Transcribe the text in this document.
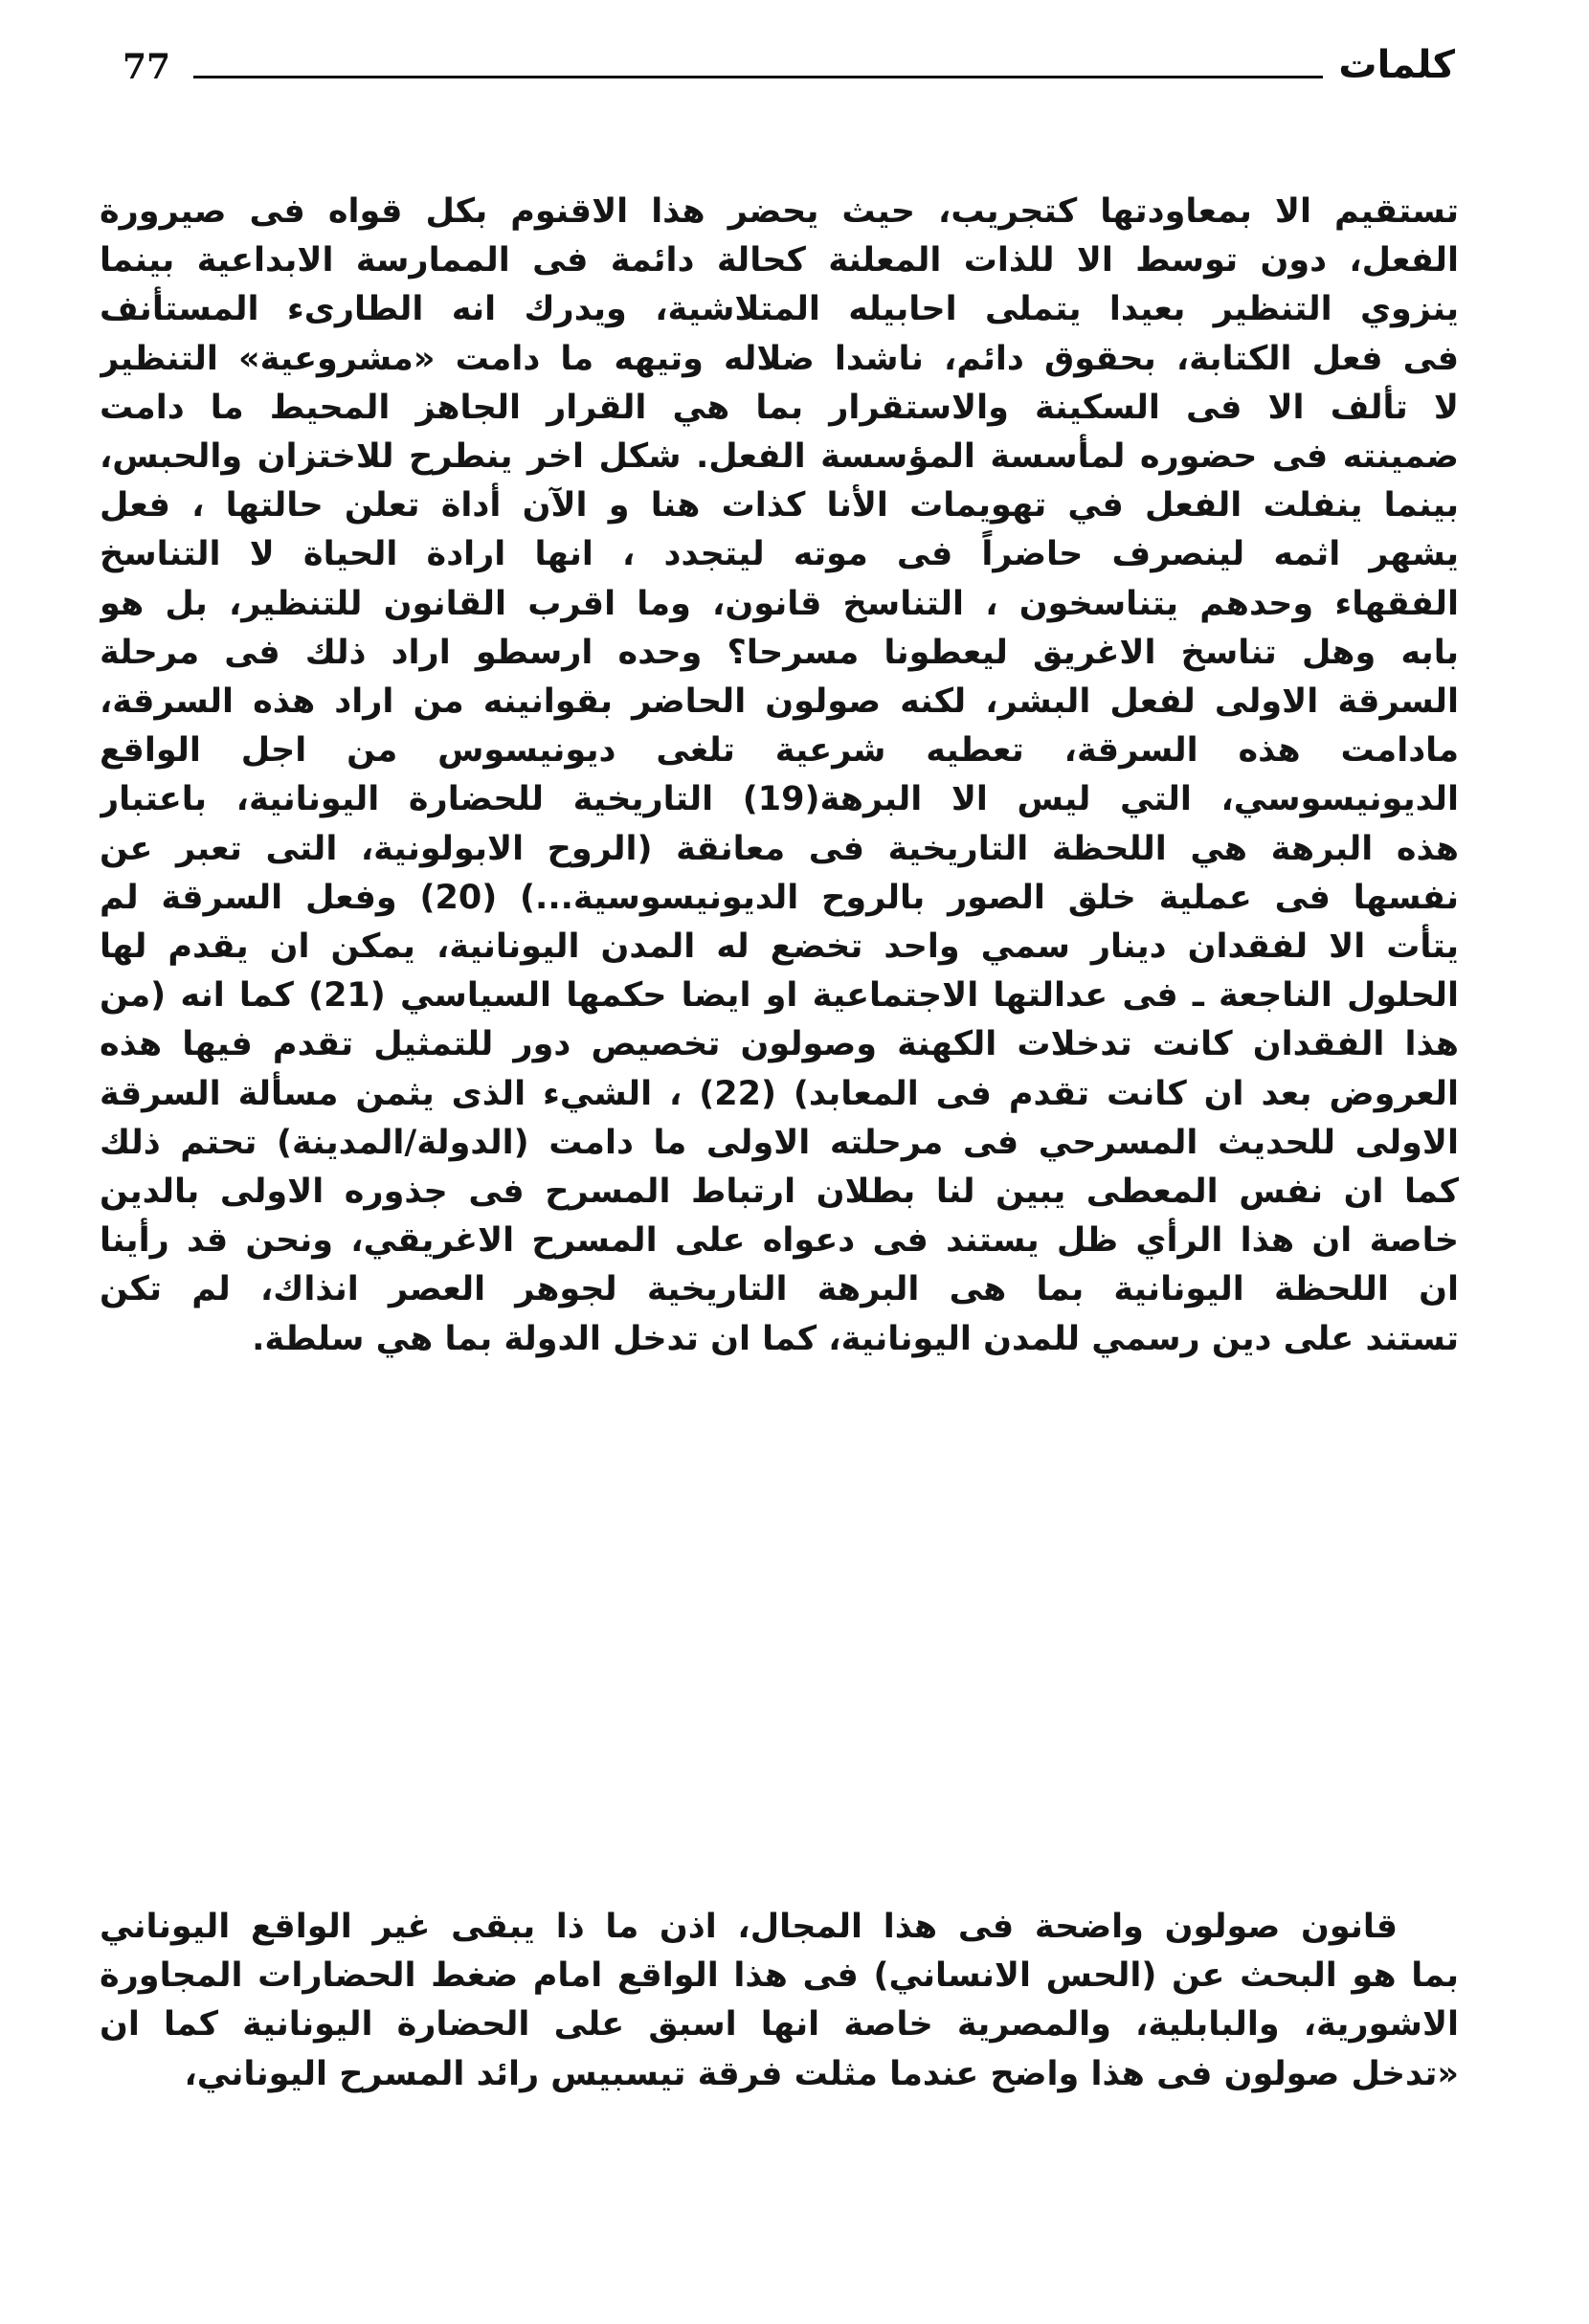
77	كلمات
تستقيم الا بمعاودتها كتجريب، حيث يحضر هذا الاقنوم بكل قواه فى صيرورة
الفعل، دون توسط الا للذات المعلنة كحالة دائمة فى الممارسة الابداعية بينما
ينزوي التنظير بعيدا يتملى احابيله المتلاشية، ويدرك انه الطارىء المستأنف
فى فعل الكتابة، بحقوق دائم، ناشدا ضلاله وتيهه ما دامت «مشروعية» التنظير
لا تألف الا فى السكينة والاستقرار بما هي القرار الجاهز المحيط ما دامت
ضمينته فى حضوره لمأسسة المؤسسة الفعل. شكل اخر ينطرح للاختزان والحبس،
بينما ينفلت الفعل في تهويمات الأنا كذات هنا و الآن أداة تعلن حالتها ، فعل
يشهر اثمه لينصرف حاضراً فى موته ليتجدد ، انها ارادة الحياة لا التناسخ
الفقهاء وحدهم يتناسخون ، التناسخ قانون، وما اقرب القانون للتنظير، بل هو
بابه وهل تناسخ الاغريق ليعطونا مسرحا؟ وحده ارسطو اراد ذلك فى مرحلة
السرقة الاولى لفعل البشر، لكنه صولون الحاضر بقوانينه من اراد هذه السرقة،
مادامت هذه السرقة، تعطيه شرعية تلغى ديونيسوس من اجل الواقع
الديونيسوسي، التي ليس الا البرهة(19) التاريخية للحضارة اليونانية، باعتبار
هذه البرهة هي اللحظة التاريخية فى معانقة (الروح الابولونية، التى تعبر عن
نفسها فى عملية خلق الصور بالروح الديونيسوسية...) (20) وفعل السرقة لم
يتأت الا لفقدان دينار سمي واحد تخضع له المدن اليونانية، يمكن ان يقدم لها
الحلول الناجعة ـ فى عدالتها الاجتماعية او ايضا حكمها السياسي (21) كما انه (من
هذا الفقدان كانت تدخلات الكهنة وصولون تخصيص دور للتمثيل تقدم فيها هذه
العروض بعد ان كانت تقدم فى المعابد) (22) ، الشيء الذى يثمن مسألة السرقة
الاولى للحديث المسرحي فى مرحلته الاولى ما دامت (الدولة/المدينة) تحتم ذلك
كما ان نفس المعطى يبين لنا بطلان ارتباط المسرح فى جذوره الاولى بالدين
خاصة ان هذا الرأي ظل يستند فى دعواه على المسرح الاغريقي، ونحن قد رأينا
ان اللحظة اليونانية بما هى البرهة التاريخية لجوهر العصر انذاك، لم تكن
تستند على دين رسمي للمدن اليونانية، كما ان تدخل الدولة بما هي سلطة.
قانون صولون واضحة فى هذا المجال، اذن ما ذا يبقى غير الواقع اليوناني
بما هو البحث عن (الحس الانساني) فى هذا الواقع امام ضغط الحضارات المجاورة
الاشورية، والبابلية، والمصرية خاصة انها اسبق على الحضارة اليونانية كما ان
«تدخل صولون فى هذا واضح عندما مثلت فرقة تيسبيس رائد المسرح اليوناني،
